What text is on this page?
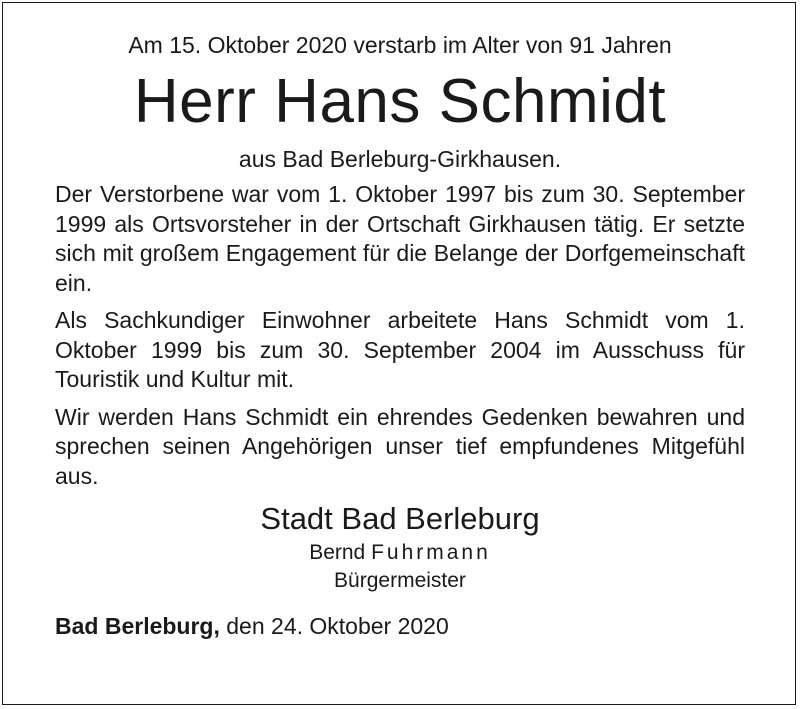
Am 15. Oktober 2020 verstarb im Alter von 91 Jahren

Herr Hans Schmidt

aus Bad Berleburg-Girkhausen.

Der Verstorbene war vom 1. Oktober 1997 bis zum 30. September 1999 als Ortsvorsteher in der Ortschaft Girkhausen tätig. Er setzte sich mit großem Engagement für die Belange der Dorfgemeinschaft ein.

Als Sachkundiger Einwohner arbeitete Hans Schmidt vom 1. Oktober 1999 bis zum 30. September 2004 im Ausschuss für Touristik und Kultur mit.

Wir werden Hans Schmidt ein ehrendes Gedenken bewahren und sprechen seinen Angehörigen unser tief empfundenes Mitgefühl aus.

Stadt Bad Berleburg

Bernd Fuhrmann

Bürgermeister

Bad Berleburg, den 24. Oktober 2020
